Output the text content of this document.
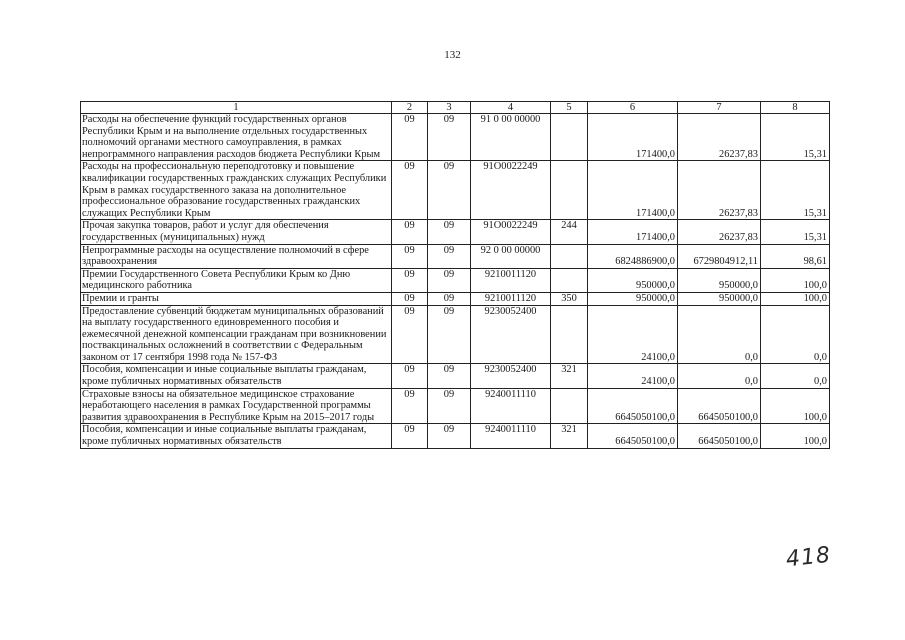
132
1	2	3	4	5	6	7	8
Расходы на обеспечение функций государственных органов Республики Крым и на выполнение отдельных государственных полномочий органами местного самоуправления, в рамках непрограммного направления расходов бюджета Республики Крым	09	09	91 0 00 00000		171400,0	26237,83	15,31
Расходы на профессиональную переподготовку и повышение квалификации государственных гражданских служащих Республики Крым в рамках государственного заказа на дополнительное профессиональное образование государственных гражданских служащих Республики Крым	09	09	91О0022249		171400,0	26237,83	15,31
Прочая закупка товаров, работ и услуг для обеспечения государственных (муниципальных) нужд	09	09	91О0022249	244	171400,0	26237,83	15,31
Непрограммные расходы на осуществление полномочий в сфере здравоохранения	09	09	92 0 00 00000		6824886900,0	6729804912,11	98,61
Премии Государственного Совета Республики Крым ко Дню медицинского работника	09	09	9210011120		950000,0	950000,0	100,0
Премии и гранты	09	09	9210011120	350	950000,0	950000,0	100,0
Предоставление субвенций бюджетам муниципальных образований на выплату государственного единовременного пособия и ежемесячной денежной компенсации гражданам при возникновении поствакцинальных осложнений в соответствии с Федеральным законом от 17 сентября 1998 года № 157-ФЗ	09	09	9230052400		24100,0	0,0	0,0
Пособия, компенсации и иные социальные выплаты гражданам, кроме публичных нормативных обязательств	09	09	9230052400	321	24100,0	0,0	0,0
Страховые взносы на обязательное медицинское страхование неработающего населения в рамках Государственной программы развития здравоохранения в Республике Крым на 2015–2017 годы	09	09	9240011110		6645050100,0	6645050100,0	100,0
Пособия, компенсации и иные социальные выплаты гражданам, кроме публичных нормативных обязательств	09	09	9240011110	321	6645050100,0	6645050100,0	100,0
418
